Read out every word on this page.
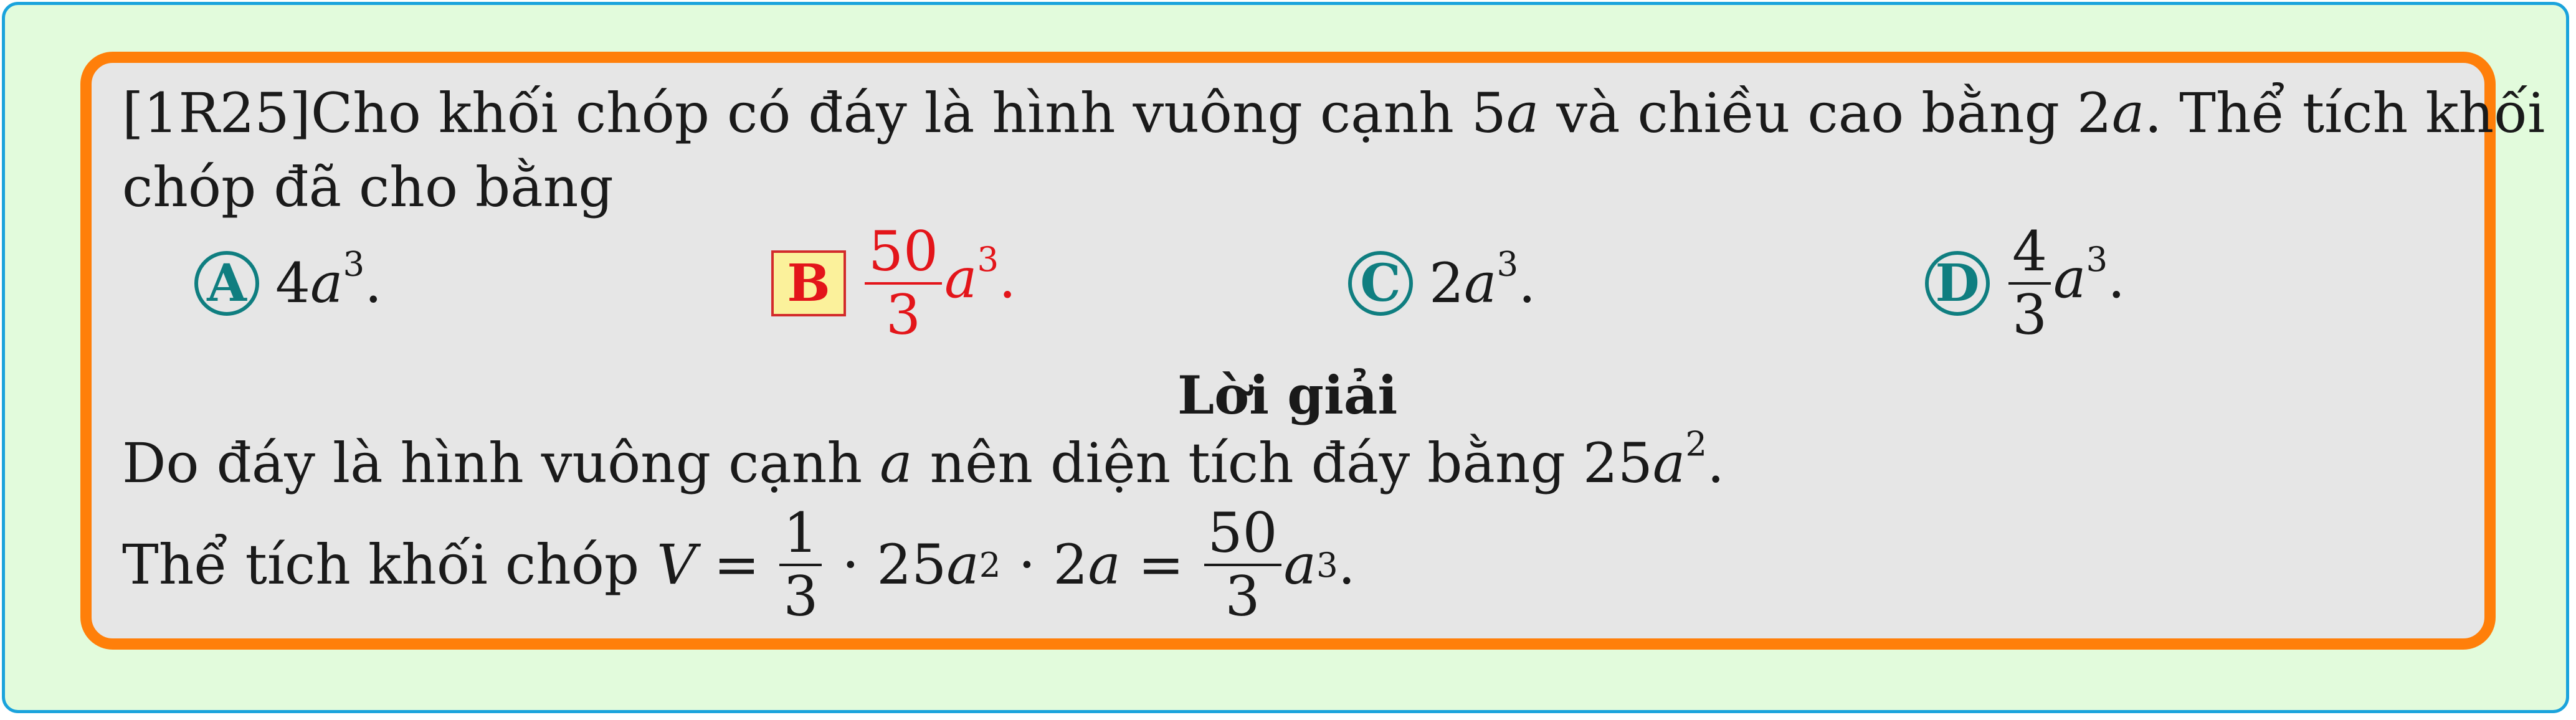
[1R25]Cho khối chóp có đáy là hình vuông cạnh 5a và chiều cao bằng 2a. Thể tích khối
chóp đã cho bằng
A $4a^3$.	B $\frac{50}{3} a^3$.	C $2a^3$.	D $\frac{4}{3} a^3$.
Lời giải
Do đáy là hình vuông cạnh a nên diện tích đáy bằng $25a^2$.
Thể tích khối chóp
$V = \frac{1}{3} \cdot 25$ a 2 · 2 $a = \frac{50}{3}$ a 3 .
